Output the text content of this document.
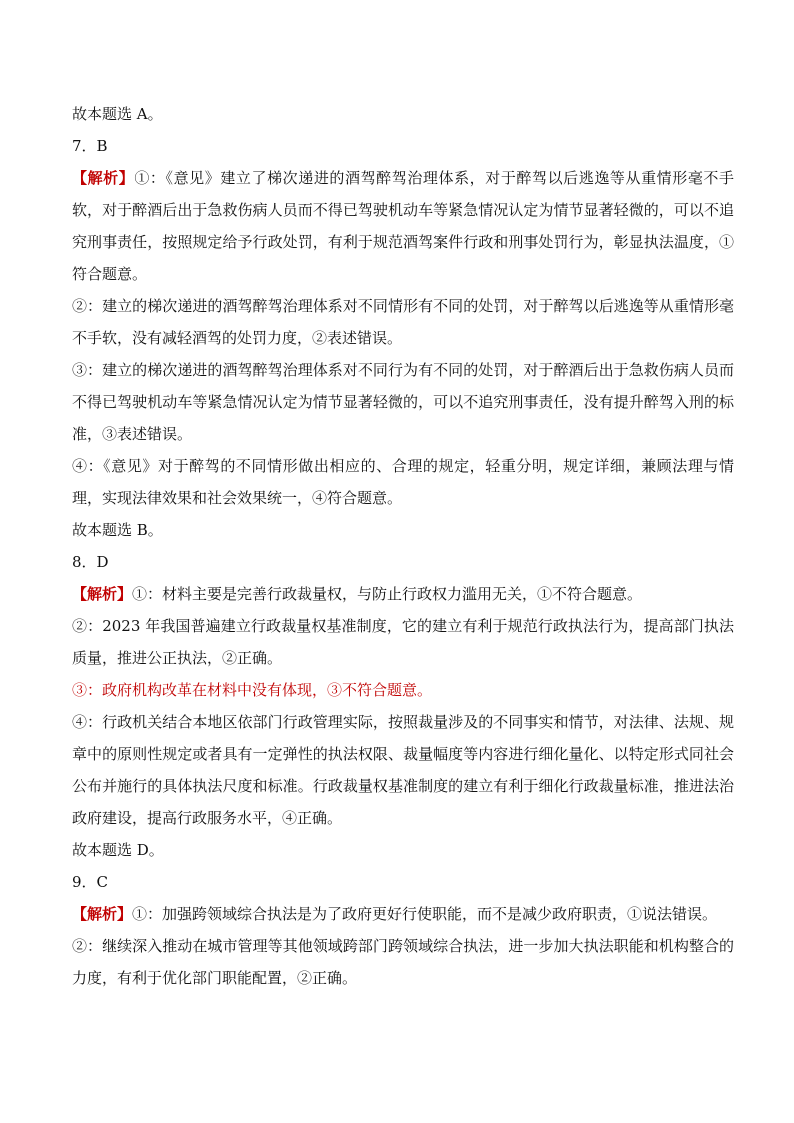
故本题选 A。

7．B

【解析】①：《意见》建立了梯次递进的酒驾醉驾治理体系，对于醉驾以后逃逸等从重情形毫不手软，对于醉酒后出于急救伤病人员而不得已驾驶机动车等紧急情况认定为情节显著轻微的，可以不追究刑事责任，按照规定给予行政处罚，有利于规范酒驾案件行政和刑事处罚行为，彰显执法温度，①符合题意。

②：建立的梯次递进的酒驾醉驾治理体系对不同情形有不同的处罚，对于醉驾以后逃逸等从重情形毫不手软，没有减轻酒驾的处罚力度，②表述错误。

③：建立的梯次递进的酒驾醉驾治理体系对不同行为有不同的处罚，对于醉酒后出于急救伤病人员而不得已驾驶机动车等紧急情况认定为情节显著轻微的，可以不追究刑事责任，没有提升醉驾入刑的标准，③表述错误。

④：《意见》对于醉驾的不同情形做出相应的、合理的规定，轻重分明，规定详细，兼顾法理与情理，实现法律效果和社会效果统一，④符合题意。

故本题选 B。

8．D

【解析】①：材料主要是完善行政裁量权，与防止行政权力滥用无关，①不符合题意。

②：2023 年我国普遍建立行政裁量权基准制度，它的建立有利于规范行政执法行为，提高部门执法质量，推进公正执法，②正确。

③：政府机构改革在材料中没有体现，③不符合题意。

④：行政机关结合本地区依部门行政管理实际，按照裁量涉及的不同事实和情节，对法律、法规、规章中的原则性规定或者具有一定弹性的执法权限、裁量幅度等内容进行细化量化、以特定形式同社会公布并施行的具体执法尺度和标准。行政裁量权基准制度的建立有利于细化行政裁量标准，推进法治政府建设，提高行政服务水平，④正确。

故本题选 D。

9．C

【解析】①：加强跨领域综合执法是为了政府更好行使职能，而不是减少政府职责，①说法错误。

②：继续深入推动在城市管理等其他领域跨部门跨领域综合执法，进一步加大执法职能和机构整合的力度，有利于优化部门职能配置，②正确。
